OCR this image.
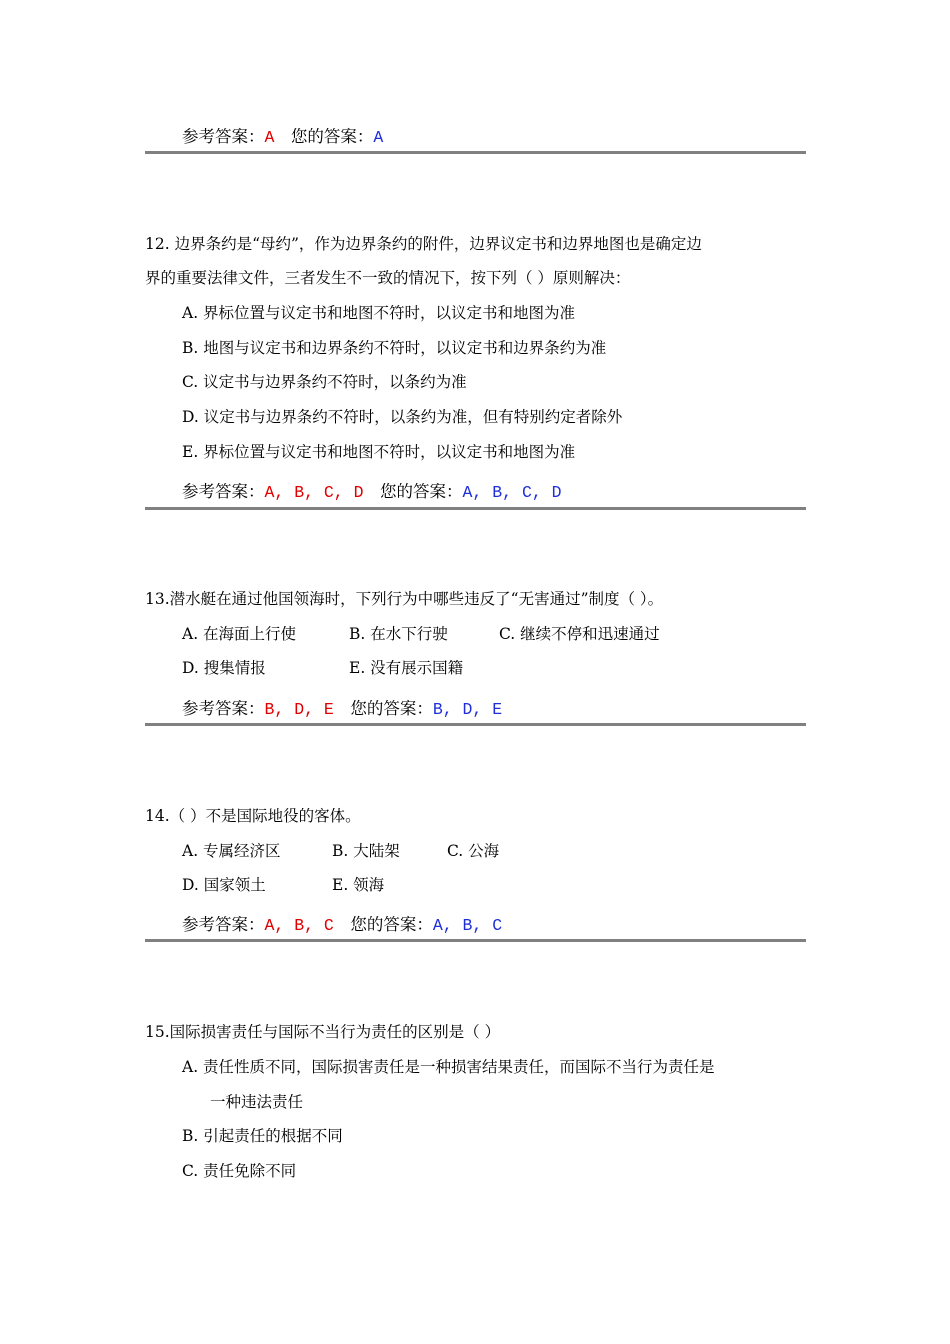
参考答案：A 您的答案：A
12. 边界条约是“母约”，作为边界条约的附件，边界议定书和边界地图也是确定边
界的重要法律文件，三者发生不一致的情况下，按下列（ ）原则解决：
A. 界标位置与议定书和地图不符时，以议定书和地图为准
B. 地图与议定书和边界条约不符时，以议定书和边界条约为准
C. 议定书与边界条约不符时，以条约为准
D. 议定书与边界条约不符时，以条约为准，但有特别约定者除外
E. 界标位置与议定书和地图不符时，以议定书和地图为准
参考答案：A, B, C, D 您的答案：A, B, C, D
13.潜水艇在通过他国领海时，下列行为中哪些违反了“无害通过”制度（ ）。
A. 在海面上行使	B. 在水下行驶	C. 继续不停和迅速通过
D. 搜集情报	E. 没有展示国籍
参考答案：B, D, E 您的答案：B, D, E
14.（ ）不是国际地役的客体。
A. 专属经济区	B. 大陆架	C. 公海
D. 国家领土	E. 领海
参考答案：A, B, C 您的答案：A, B, C
15.国际损害责任与国际不当行为责任的区别是（ ）
A. 责任性质不同，国际损害责任是一种损害结果责任，而国际不当行为责任是
一种违法责任
B. 引起责任的根据不同
C. 责任免除不同
